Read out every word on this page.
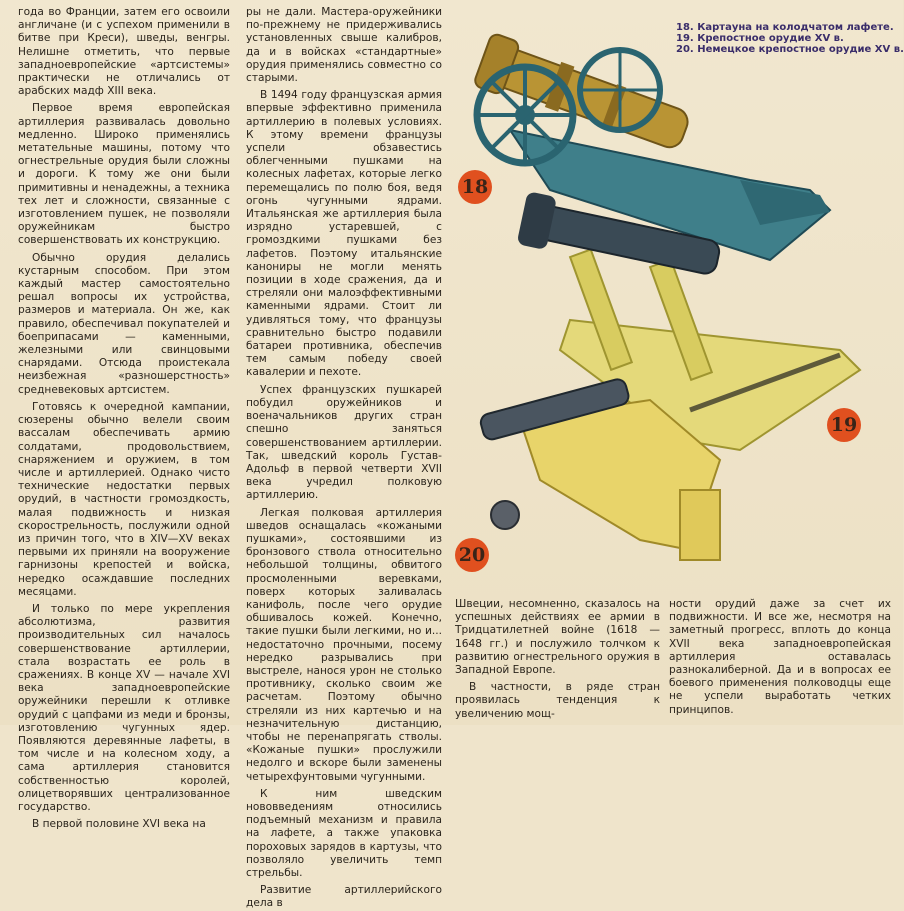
года во Франции, затем его освоили англичане (и с успехом применили в битве при Креси), шведы, венгры. Нелишне отметить, что первые западноевропейские «артсистемы» практически не отличались от арабских мадф XIII века.

Первое время европейская артиллерия развивалась довольно медленно. Широко применялись метательные машины, потому что огнестрельные орудия были сложны и дороги. К тому же они были примитивны и ненадежны, а техника тех лет и сложности, связанные с изготовлением пушек, не позволяли оружейникам быстро совершенствовать их конструкцию.

Обычно орудия делались кустарным способом. При этом каждый мастер самостоятельно решал вопросы их устройства, размеров и материала. Он же, как правило, обеспечивал покупателей и боеприпасами — каменными, железными или свинцовыми снарядами. Отсюда проистекала неизбежная «разношерстность» средневековых артсистем.

Готовясь к очередной кампании, сюзерены обычно велели своим вассалам обеспечивать армию солдатами, продовольствием, снаряжением и оружием, в том числе и артиллерией. Однако чисто технические недостатки первых орудий, в частности громоздкость, малая подвижность и низкая скорострельность, послужили одной из причин того, что в XIV—XV веках первыми их приняли на вооружение гарнизоны крепостей и войска, нередко осаждавшие последних месяцами.

И только по мере укрепления абсолютизма, развития производительных сил началось совершенствование артиллерии, стала возрастать ее роль в сражениях. В конце XV — начале XVI века западноевропейские оружейники перешли к отливке орудий с цапфами из меди и бронзы, изготовлению чугунных ядер. Появляются деревянные лафеты, в том числе и на колесном ходу, а сама артиллерия становится собственностью королей, олицетворявших централизованное государство.

В первой половине XVI века на

ры не дали. Мастера-оружейники по-прежнему не придерживались установленных свыше калибров, да и в войсках «стандартные» орудия применялись совместно со старыми.

В 1494 году французская армия впервые эффективно применила артиллерию в полевых условиях. К этому времени французы успели обзавестись облегченными пушками на колесных лафетах, которые легко перемещались по полю боя, ведя огонь чугунными ядрами. Итальянская же артиллерия была изрядно устаревшей, с громоздкими пушками без лафетов. Поэтому итальянские канониры не могли менять позиции в ходе сражения, да и стреляли они малоэффективными каменными ядрами. Стоит ли удивляться тому, что французы сравнительно быстро подавили батареи противника, обеспечив тем самым победу своей кавалерии и пехоте.

Успех французских пушкарей побудил оружейников и военачальников других стран спешно заняться совершенствованием артиллерии. Так, шведский король Густав-Адольф в первой четверти XVII века учредил полковую артиллерию.

Легкая полковая артиллерия шведов оснащалась «кожаными пушками», состоявшими из бронзового ствола относительно небольшой толщины, обвитого просмоленными веревками, поверх которых заливалась канифоль, после чего орудие обшивалось кожей. Конечно, такие пушки были легкими, но и... недостаточно прочными, посему нередко разрывались при выстреле, нанося урон не столько противнику, сколько своим же расчетам. Поэтому обычно стреляли из них картечью и на незначительную дистанцию, чтобы не перенапрягать стволы. «Кожаные пушки» прослужили недолго и вскоре были заменены четырехфунтовыми чугунными.

К ним шведским нововведениям относились подъемный механизм и правила на лафете, а также упаковка пороховых зарядов в картузы, что позволяло увеличить темп стрельбы.

Развитие артиллерийского дела в

18. Картауна на колодчатом лафете.
19. Крепостное орудие XV в.
20. Немецкое крепостное орудие XV в.
18
19
20

Швеции, несомненно, сказалось на успешных действиях ее армии в Тридцатилетней войне (1618 — 1648 гг.) и послужило толчком к развитию огнестрельного оружия в Западной Европе.

В частности, в ряде стран проявилась тенденция к увеличению мощ-

ности орудий даже за счет их подвижности. И все же, несмотря на заметный прогресс, вплоть до конца XVII века западноевропейская артиллерия оставалась разнокалиберной. Да и в вопросах ее боевого применения полководцы еще не успели выработать четких принципов.
